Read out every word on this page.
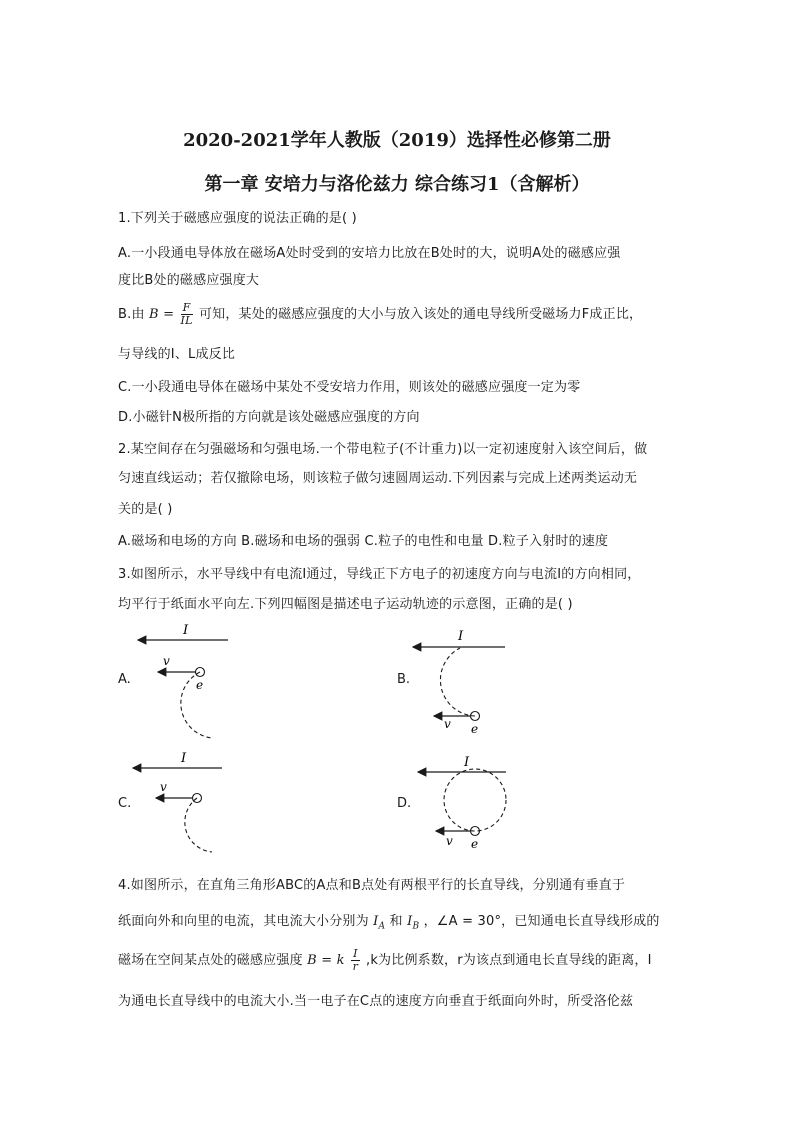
2020-2021学年人教版（2019）选择性必修第二册
第一章 安培力与洛伦兹力 综合练习1（含解析）
1.下列关于磁感应强度的说法正确的是( )
A.一小段通电导体放在磁场A处时受到的安培力比放在B处时的大，说明A处的磁感应强
度比B处的磁感应强度大
B.由 $B = \frac{F}{IL}$ 可知，某处的磁感应强度的大小与放入该处的通电导线所受磁场力F成正比，
与导线的I、L成反比
C.一小段通电导体在磁场中某处不受安培力作用，则该处的磁感应强度一定为零
D.小磁针N极所指的方向就是该处磁感应强度的方向
2.某空间存在匀强磁场和匀强电场.一个带电粒子(不计重力)以一定初速度射入该空间后，做
匀速直线运动；若仅撤除电场，则该粒子做匀速圆周运动.下列因素与完成上述两类运动无
关的是( )
A.磁场和电场的方向 B.磁场和电场的强弱 C.粒子的电性和电量 D.粒子入射时的速度
3.如图所示，水平导线中有电流I通过，导线正下方电子的初速度方向与电流I的方向相同，
均平行于纸面水平向左.下列四幅图是描述电子运动轨迹的示意图，正确的是( )
A.	B.
C.	D.
I
v
e
I
v e
I
v
I
v e
4.如图所示，在直角三角形ABC的A点和B点处有两根平行的长直导线，分别通有垂直于
纸面向外和向里的电流，其电流大小分别为 $I_A$ 和 $I_B$ ，∠A = 30°，已知通电长直导线形成的
磁场在空间某点处的磁感应强度 B = k $\frac{I}{r} ,k$为比例系数，r为该点到通电长直导线的距离，I
为通电长直导线中的电流大小.当一电子在C点的速度方向垂直于纸面向外时，所受洛伦兹
